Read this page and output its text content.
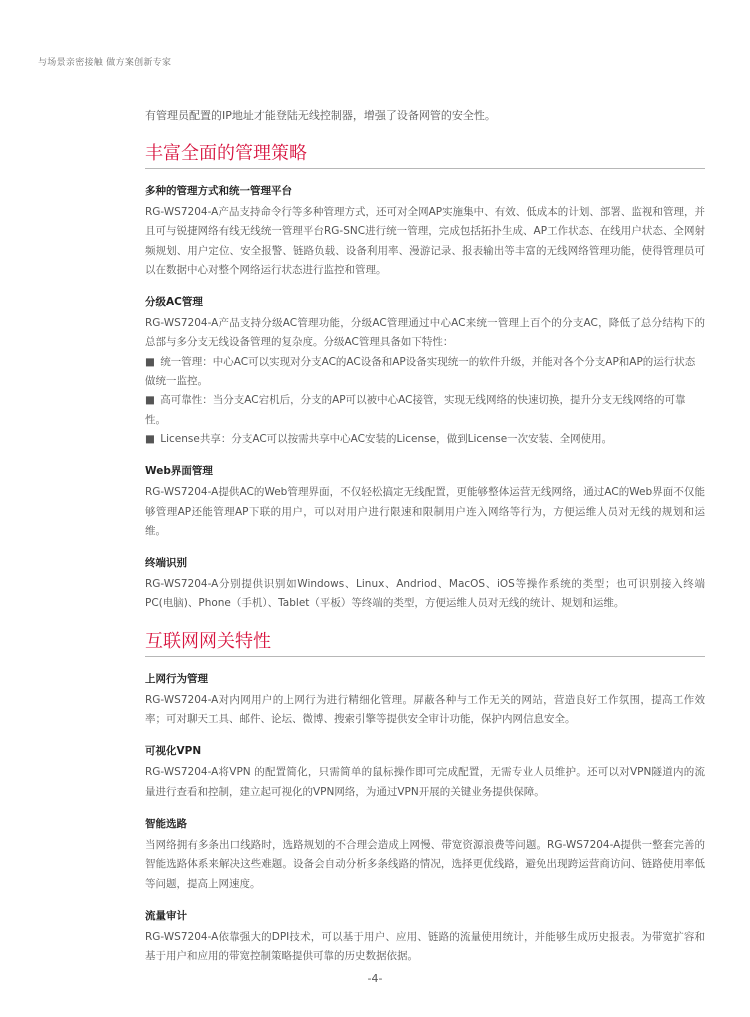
与场景亲密接触 做方案创新专家

有管理员配置的IP地址才能登陆无线控制器，增强了设备网管的安全性。

丰富全面的管理策略
多种的管理方式和统一管理平台

RG-WS7204-A产品支持命令行等多种管理方式，还可对全网AP实施集中、有效、低成本的计划、部署、监视和管理，并且可与锐捷网络有线无线统一管理平台RG-SNC进行统一管理，完成包括拓扑生成、AP工作状态、在线用户状态、全网射频规划、用户定位、安全报警、链路负载、设备利用率、漫游记录、报表输出等丰富的无线网络管理功能，使得管理员可以在数据中心对整个网络运行状态进行监控和管理。

分级AC管理

RG-WS7204-A产品支持分级AC管理功能，分级AC管理通过中心AC来统一管理上百个的分支AC，降低了总分结构下的总部与多分支无线设备管理的复杂度。分级AC管理具备如下特性：

■ 统一管理：中心AC可以实现对分支AC的AC设备和AP设备实现统一的软件升级，并能对各个分支AP和AP的运行状态做统一监控。

■ 高可靠性：当分支AC宕机后，分支的AP可以被中心AC接管，实现无线网络的快速切换，提升分支无线网络的可靠性。

■ License共享：分支AC可以按需共享中心AC安装的License，做到License一次安装、全网使用。

Web界面管理

RG-WS7204-A提供AC的Web管理界面，不仅轻松搞定无线配置，更能够整体运营无线网络，通过AC的Web界面不仅能够管理AP还能管理AP下联的用户，可以对用户进行限速和限制用户连入网络等行为，方便运维人员对无线的规划和运维。

终端识别

RG-WS7204-A分别提供识别如Windows、Linux、Andriod、MacOS、iOS等操作系统的类型；也可识别接入终端PC(电脑)、Phone（手机）、Tablet（平板）等终端的类型，方便运维人员对无线的统计、规划和运维。

互联网网关特性
上网行为管理

RG-WS7204-A对内网用户的上网行为进行精细化管理。屏蔽各种与工作无关的网站，营造良好工作氛围，提高工作效率；可对聊天工具、邮件、论坛、微博、搜索引擎等提供安全审计功能，保护内网信息安全。

可视化VPN

RG-WS7204-A将VPN 的配置简化，只需简单的鼠标操作即可完成配置，无需专业人员维护。还可以对VPN隧道内的流量进行查看和控制，建立起可视化的VPN网络，为通过VPN开展的关键业务提供保障。

智能选路

当网络拥有多条出口线路时，选路规划的不合理会造成上网慢、带宽资源浪费等问题。RG-WS7204-A提供一整套完善的智能选路体系来解决这些难题。设备会自动分析多条线路的情况，选择更优线路，避免出现跨运营商访问、链路使用率低等问题，提高上网速度。

流量审计

RG-WS7204-A依靠强大的DPI技术，可以基于用户、应用、链路的流量使用统计，并能够生成历史报表。为带宽扩容和基于用户和应用的带宽控制策略提供可靠的历史数据依据。

-4-
